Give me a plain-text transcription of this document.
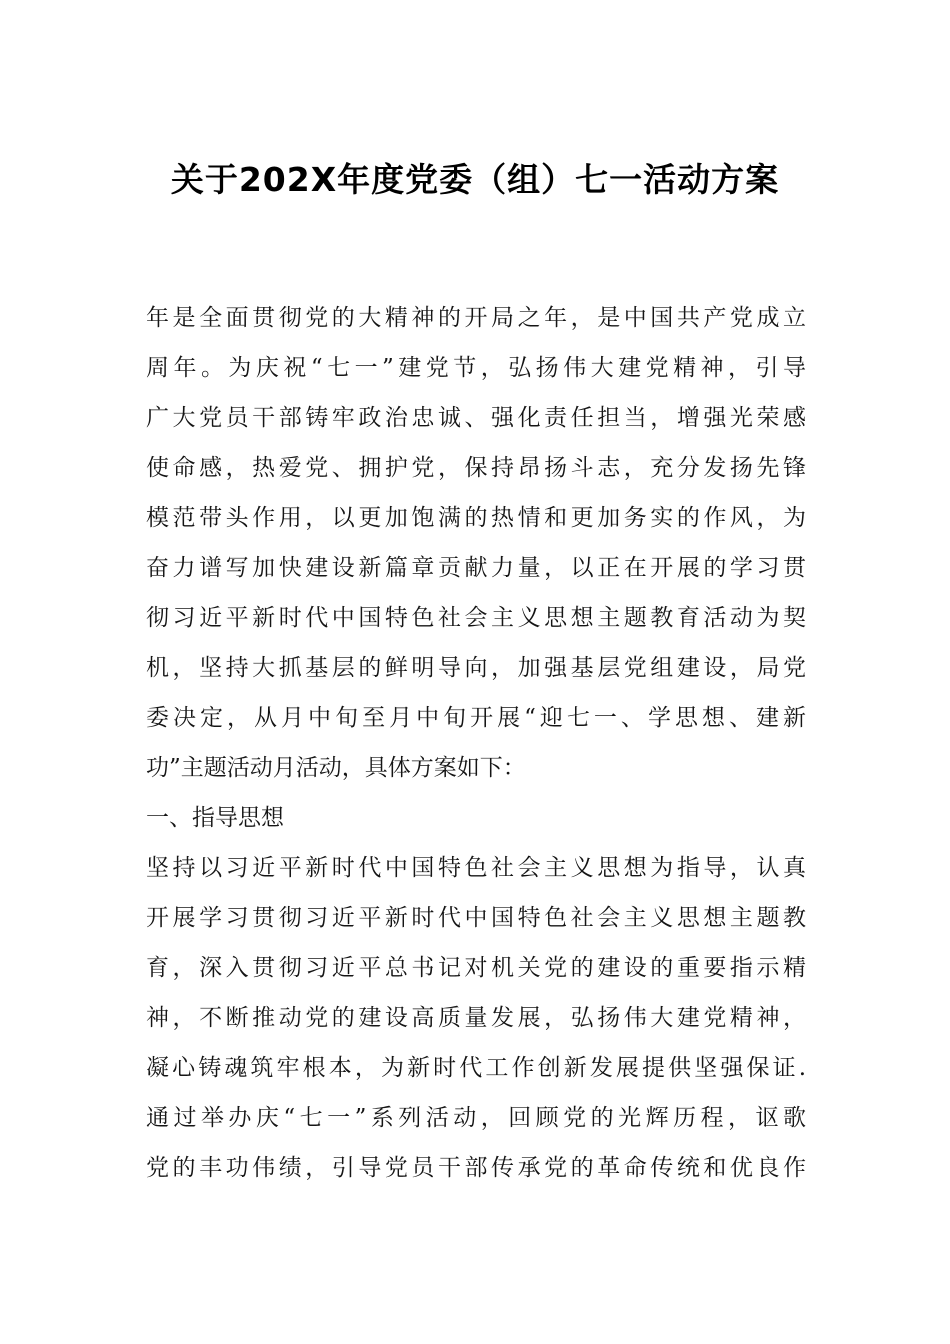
关于202X年度党委（组）七一活动方案
年是全面贯彻党的大精神的开局之年，是中国共产党成立
周年。为庆祝“七一”建党节，弘扬伟大建党精神，引导
广大党员干部铸牢政治忠诚、强化责任担当，增强光荣感
使命感，热爱党、拥护党，保持昂扬斗志，充分发扬先锋
模范带头作用，以更加饱满的热情和更加务实的作风，为
奋力谱写加快建设新篇章贡献力量，以正在开展的学习贯
彻习近平新时代中国特色社会主义思想主题教育活动为契
机，坚持大抓基层的鲜明导向，加强基层党组建设，局党
委决定，从月中旬至月中旬开展“迎七一、学思想、建新
功”主题活动月活动，具体方案如下：
一、指导思想
坚持以习近平新时代中国特色社会主义思想为指导，认真
开展学习贯彻习近平新时代中国特色社会主义思想主题教
育，深入贯彻习近平总书记对机关党的建设的重要指示精
神，不断推动党的建设高质量发展，弘扬伟大建党精神，
凝心铸魂筑牢根本，为新时代工作创新发展提供坚强保证.
通过举办庆“七一”系列活动，回顾党的光辉历程，讴歌
党的丰功伟绩，引导党员干部传承党的革命传统和优良作
